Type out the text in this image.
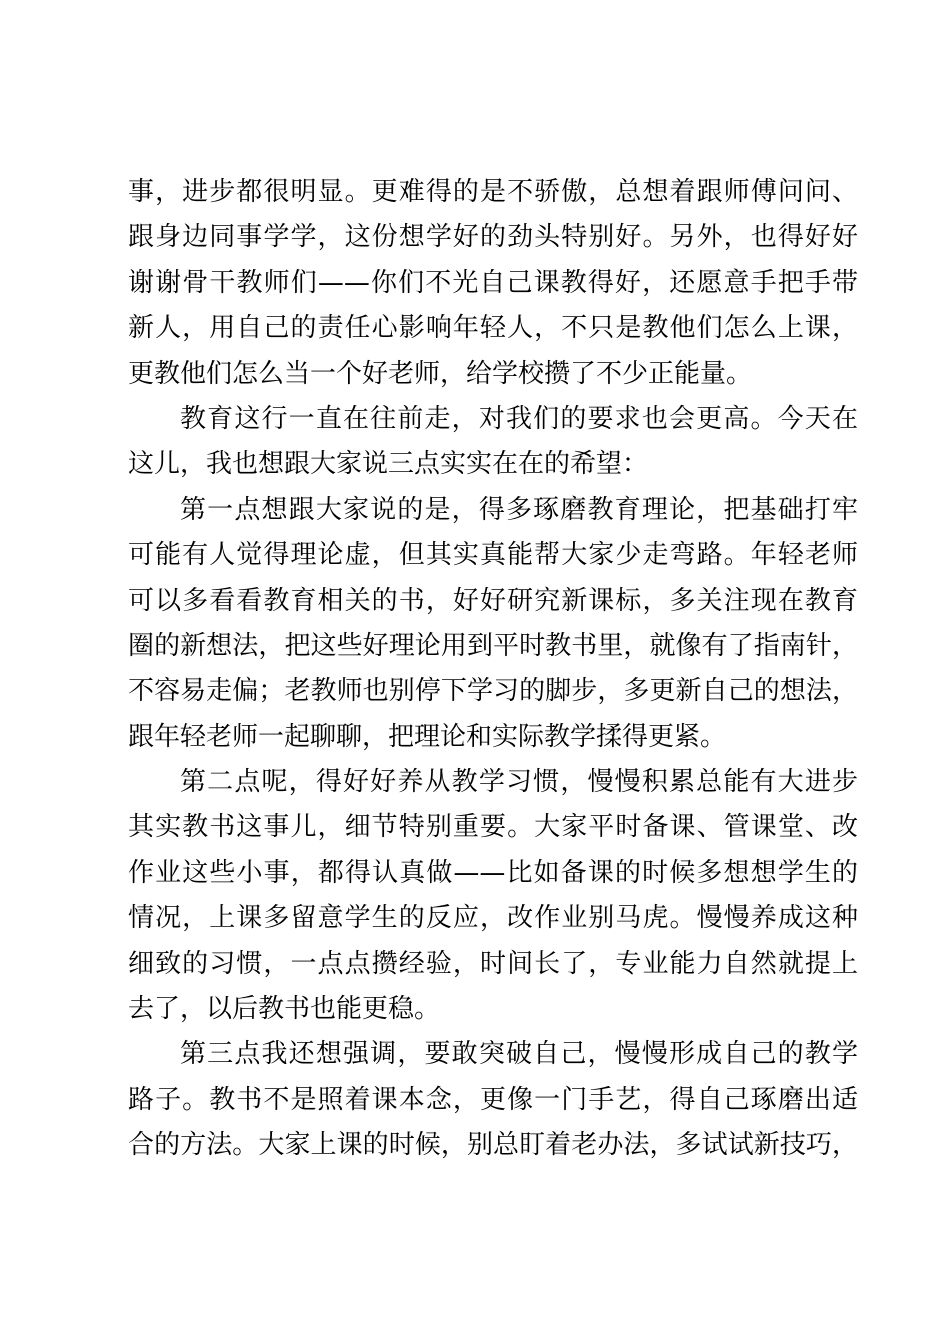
事，进步都很明显。更难得的是不骄傲，总想着跟师傅问问、
跟身边同事学学，这份想学好的劲头特别好。另外，也得好好
谢谢骨干教师们——你们不光自己课教得好，还愿意手把手带
新人，用自己的责任心影响年轻人，不只是教他们怎么上课，
更教他们怎么当一个好老师，给学校攒了不少正能量。
教育这行一直在往前走，对我们的要求也会更高。今天在
这儿，我也想跟大家说三点实实在在的希望：
第一点想跟大家说的是，得多琢磨教育理论，把基础打牢
可能有人觉得理论虚，但其实真能帮大家少走弯路。年轻老师
可以多看看教育相关的书，好好研究新课标，多关注现在教育
圈的新想法，把这些好理论用到平时教书里，就像有了指南针，
不容易走偏；老教师也别停下学习的脚步，多更新自己的想法，
跟年轻老师一起聊聊，把理论和实际教学揉得更紧。
第二点呢，得好好养从教学习惯，慢慢积累总能有大进步
其实教书这事儿，细节特别重要。大家平时备课、管课堂、改
作业这些小事，都得认真做——比如备课的时候多想想学生的
情况，上课多留意学生的反应，改作业别马虎。慢慢养成这种
细致的习惯，一点点攒经验，时间长了，专业能力自然就提上
去了，以后教书也能更稳。
第三点我还想强调，要敢突破自己，慢慢形成自己的教学
路子。教书不是照着课本念，更像一门手艺，得自己琢磨出适
合的方法。大家上课的时候，别总盯着老办法，多试试新技巧，
